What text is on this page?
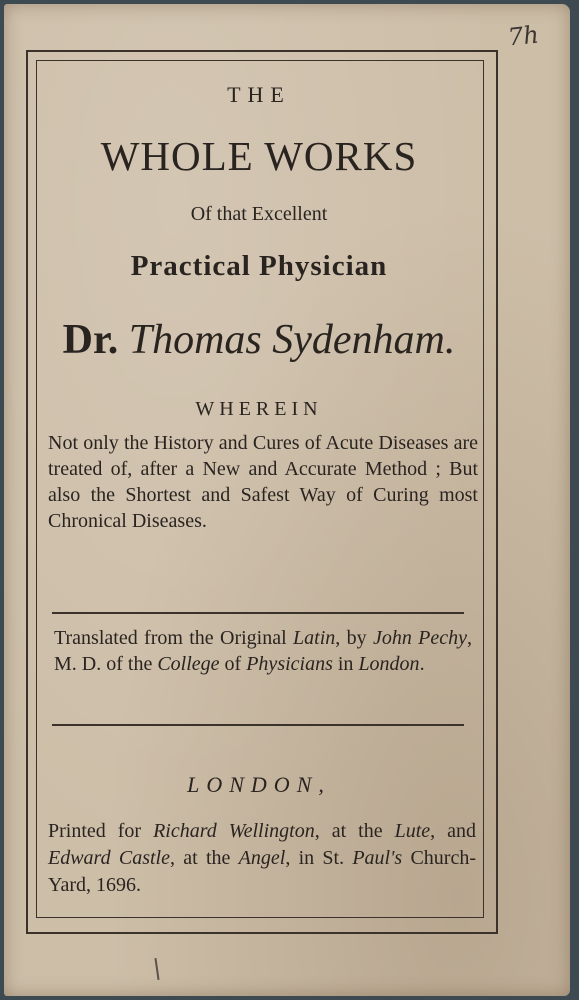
7h
THE
WHOLE WORKS
Of that Excellent
Practical Physician
Dr. Thomas Sydenham.
WHEREIN
Not only the History and Cures of Acute Diseases are treated of, after a New and Accurate Method ; But also the Shortest and Safest Way of Curing most Chronical Diseases.
Translated from the Original Latin, by John Pechy, M. D. of the College of Physicians in London.
LONDON,
Printed for Richard Wellington, at the Lute, and Edward Castle, at the Angel, in St. Paul's Church-Yard, 1696.
